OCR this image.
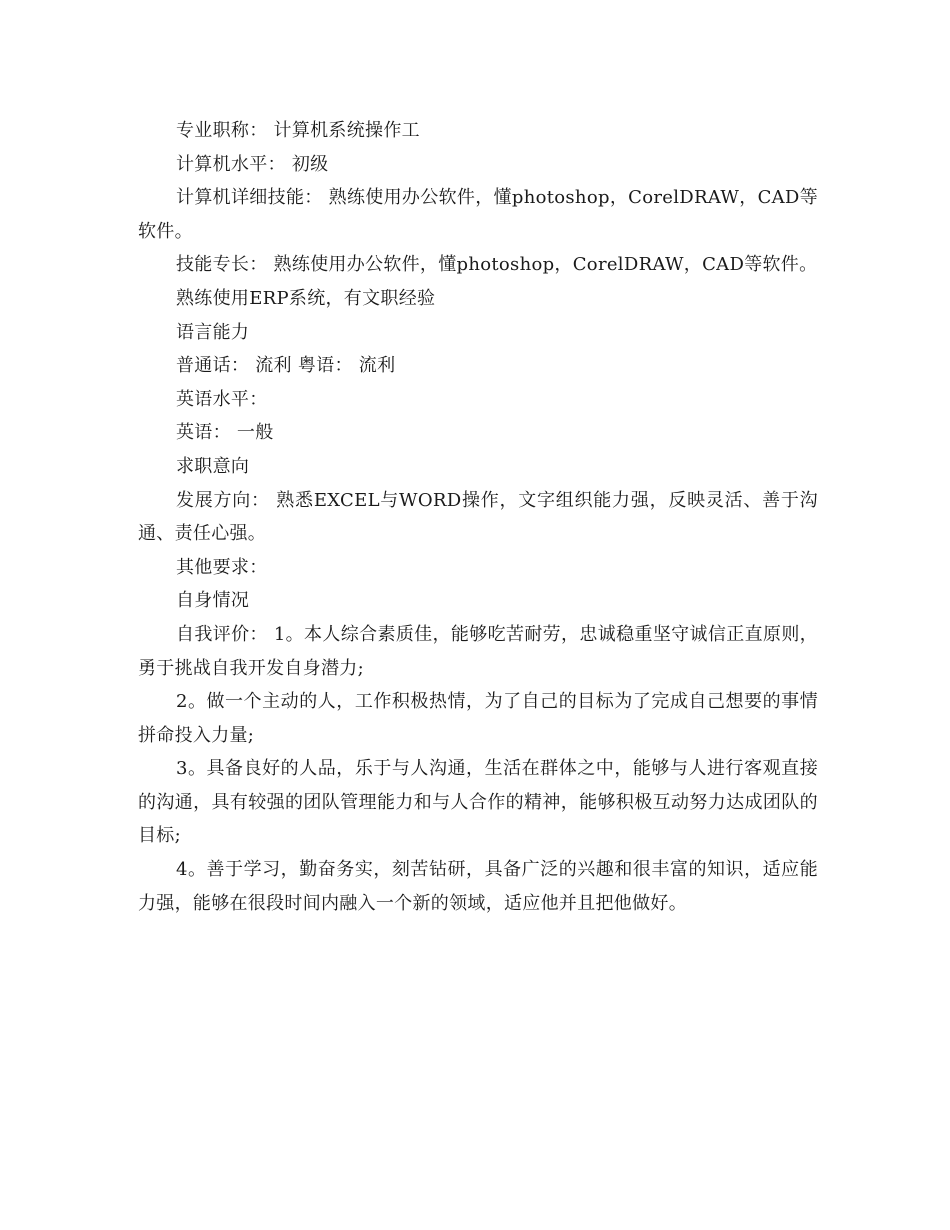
专业职称： 计算机系统操作工

计算机水平： 初级

计算机详细技能： 熟练使用办公软件，懂photoshop，CorelDRAW，CAD等软件。

技能专长： 熟练使用办公软件，懂photoshop，CorelDRAW，CAD等软件。

熟练使用ERP系统，有文职经验

语言能力

普通话： 流利 粤语： 流利

英语水平：

英语： 一般

求职意向

发展方向： 熟悉EXCEL与WORD操作，文字组织能力强，反映灵活、善于沟通、责任心强。

其他要求：

自身情况

自我评价： 1。本人综合素质佳，能够吃苦耐劳，忠诚稳重坚守诚信正直原则，勇于挑战自我开发自身潜力;

2。做一个主动的人，工作积极热情，为了自己的目标为了完成自己想要的事情拼命投入力量;

3。具备良好的人品，乐于与人沟通，生活在群体之中，能够与人进行客观直接的沟通，具有较强的团队管理能力和与人合作的精神，能够积极互动努力达成团队的目标;

4。善于学习，勤奋务实，刻苦钻研，具备广泛的兴趣和很丰富的知识，适应能力强，能够在很段时间内融入一个新的领域，适应他并且把他做好。
